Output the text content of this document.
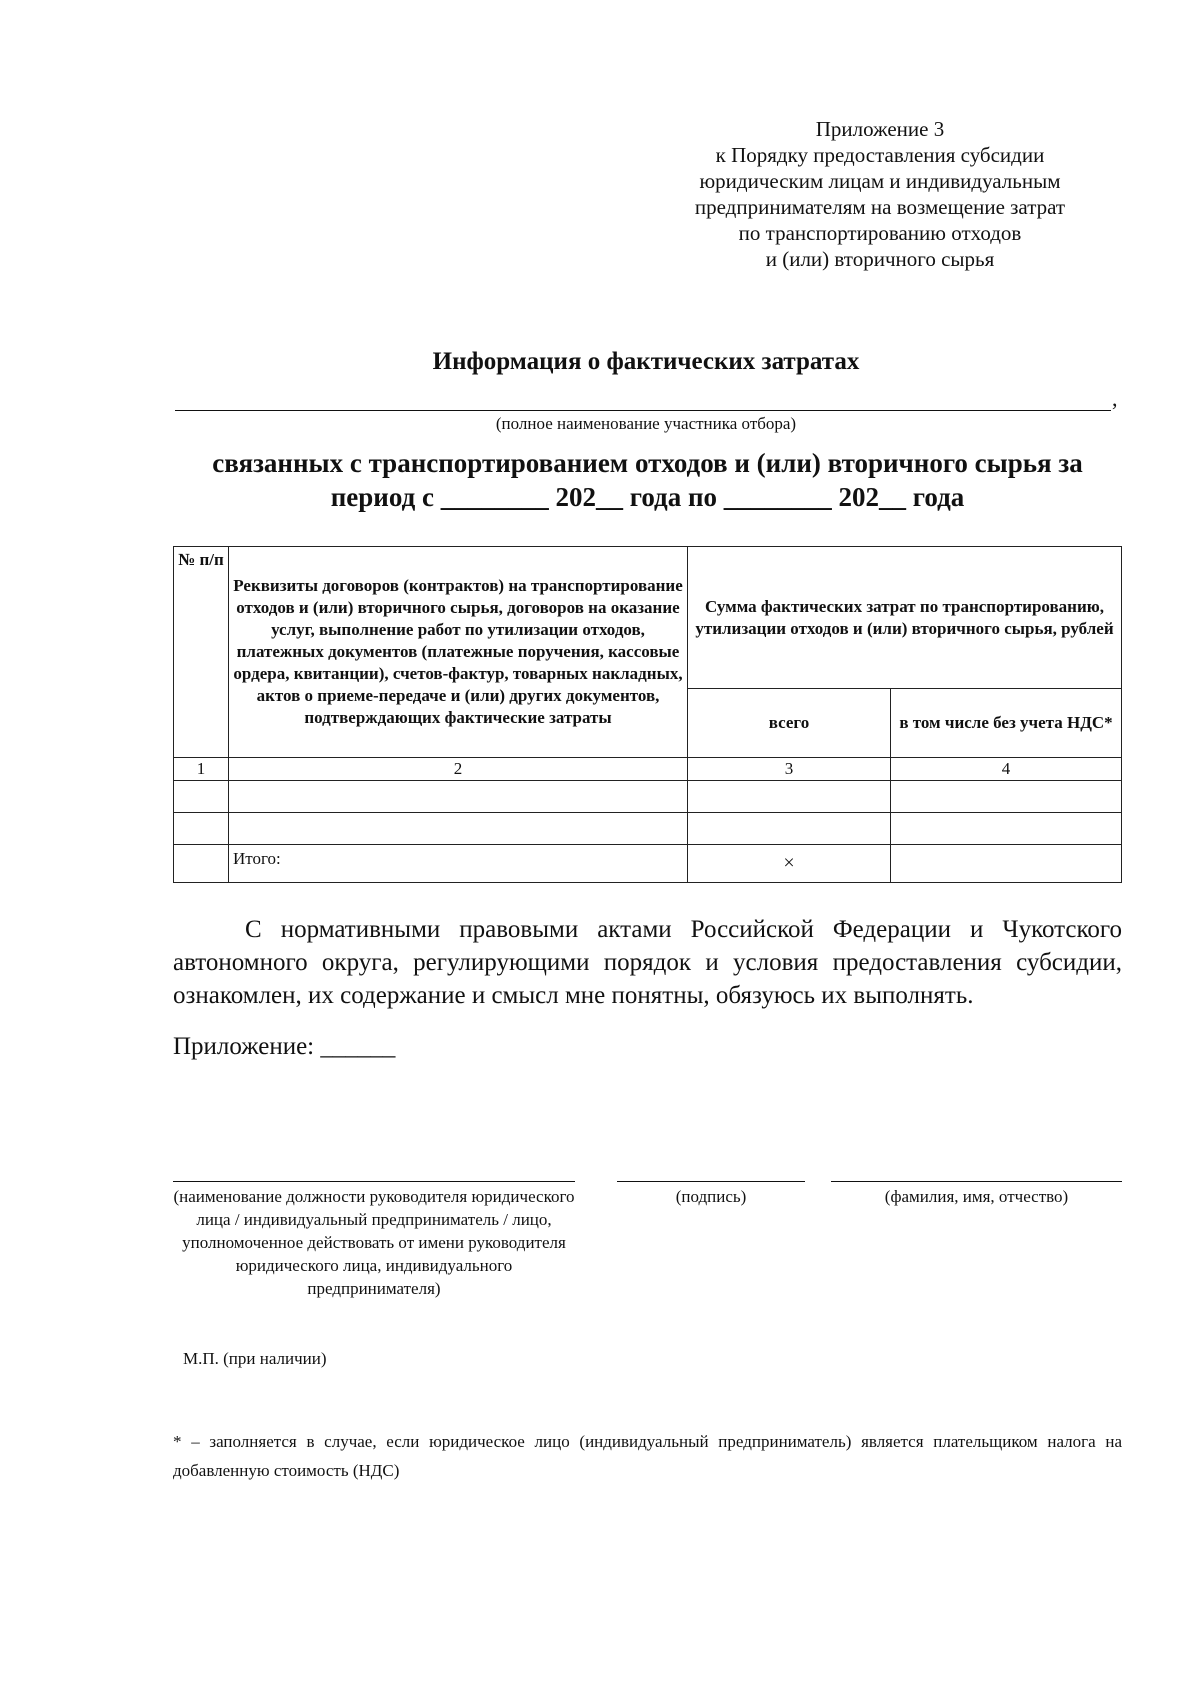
Приложение 3
к Порядку предоставления субсидии
юридическим лицам и индивидуальным
предпринимателям на возмещение затрат
по транспортированию отходов
и (или) вторичного сырья
Информация о фактических затратах
,
(полное наименование участника отбора)
связанных с транспортированием отходов и (или) вторичного сырья за
период с ________ 202__ года по ________ 202__ года
№ п/п	Реквизиты договоров (контрактов) на транспортирование отходов и (или) вторичного сырья, договоров на оказание услуг, выполнение работ по утилизации отходов, платежных документов (платежные поручения, кассовые ордера, квитанции), счетов-фактур, товарных накладных, актов о приеме-передаче и (или) других документов, подтверждающих фактические затраты	Сумма фактических затрат по транспортированию, утилизации отходов и (или) вторичного сырья, рублей	
		всего	в том числе без учета НДС*
1	2	3	4

	Итого:	×	
С нормативными правовыми актами Российской Федерации и Чукотского автономного округа, регулирующими порядок и условия предоставления субсидии, ознакомлен, их содержание и смысл мне понятны, обязуюсь их выполнять.
Приложение: ______
(наименование должности руководителя юридического лица / индивидуальный предприниматель / лицо, уполномоченное действовать от имени руководителя юридического лица, индивидуального предпринимателя)
(подпись)	(фамилия, имя, отчество)
М.П. (при наличии)
* – заполняется в случае, если юридическое лицо (индивидуальный предприниматель) является плательщиком налога на добавленную стоимость (НДС)
